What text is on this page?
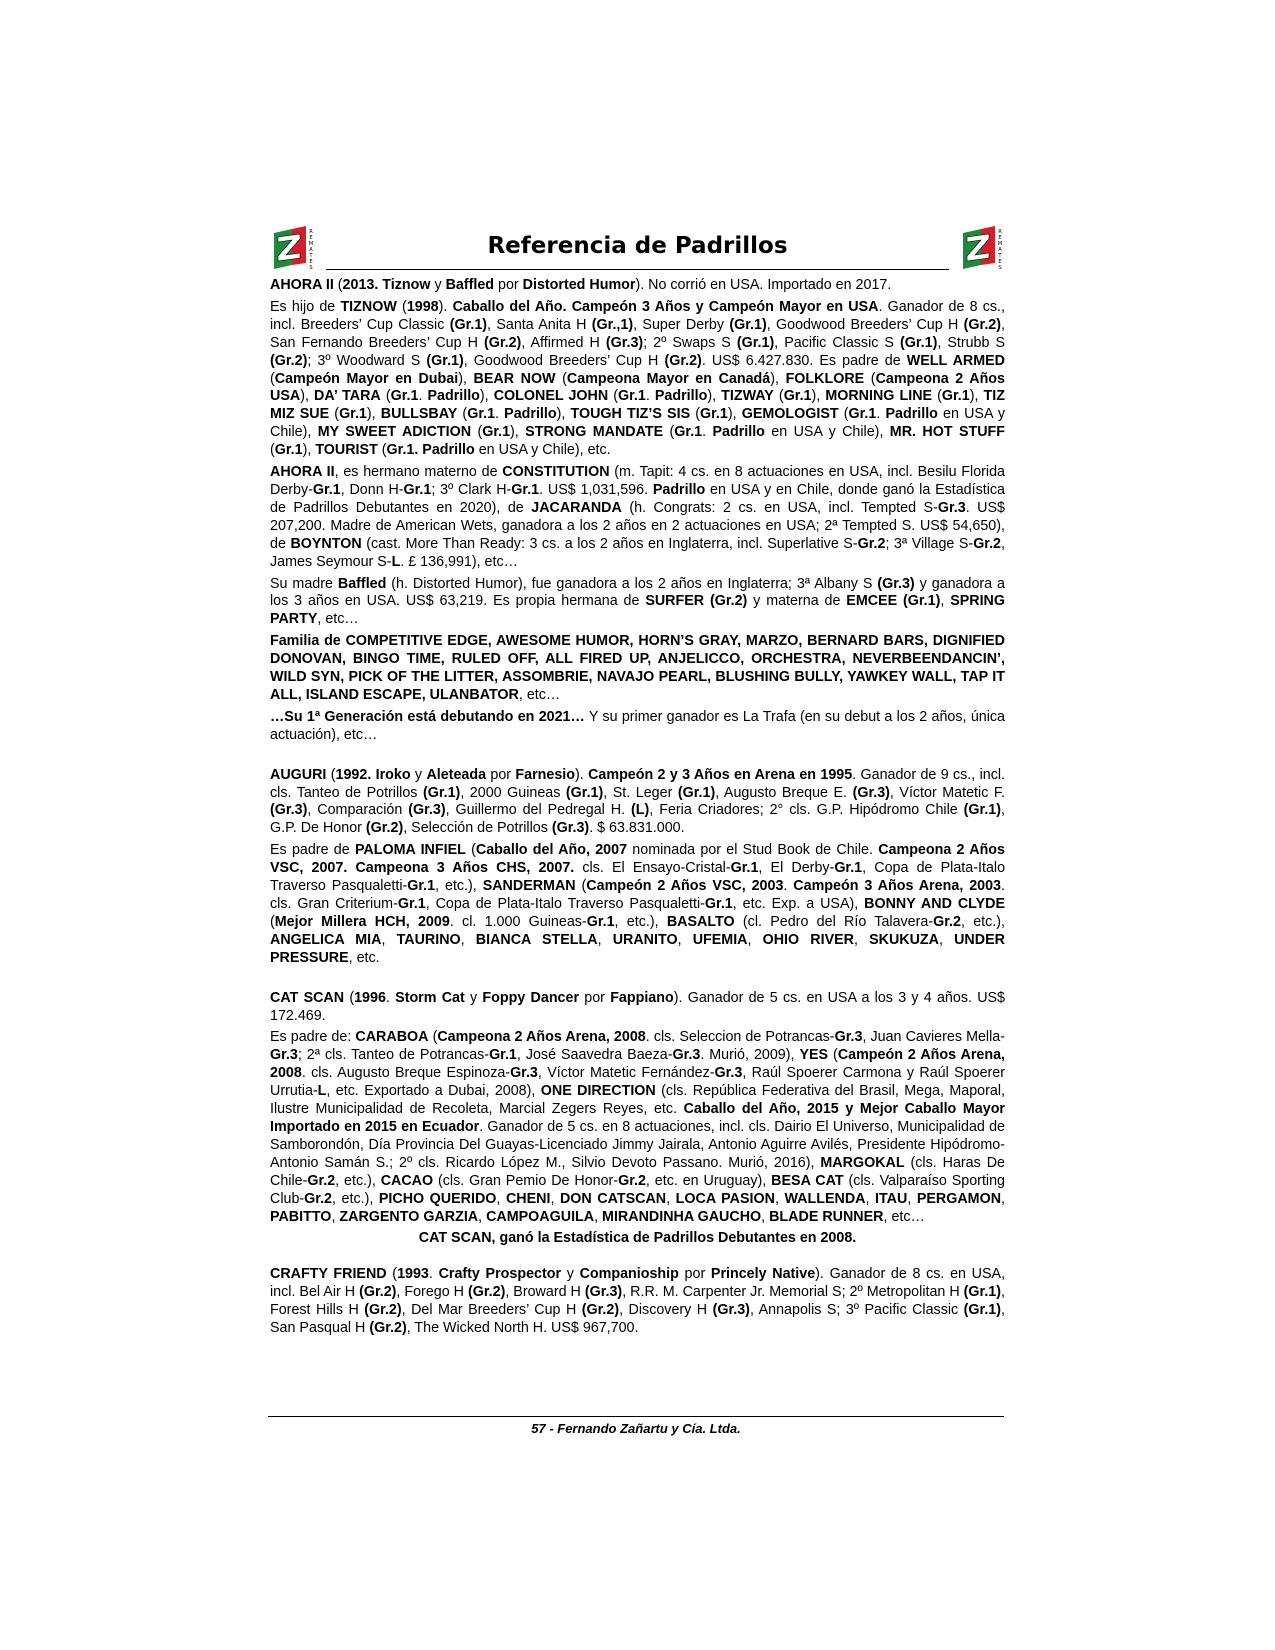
R
E
M
A
T
E
S
Referencia de Padrillos
R
E
M
A
T
E
S

AHORA II (2013. Tiznow y Baffled por Distorted Humor). No corrió en USA. Importado en 2017.

Es hijo de TIZNOW (1998). Caballo del Año. Campeón 3 Años y Campeón Mayor en USA. Ganador de 8 cs., incl. Breeders’ Cup Classic (Gr.1), Santa Anita H (Gr.,1), Super Derby (Gr.1), Goodwood Breeders’ Cup H (Gr.2), San Fernando Breeders’ Cup H (Gr.2), Affirmed H (Gr.3); 2º Swaps S (Gr.1), Pacific Classic S (Gr.1), Strubb S (Gr.2); 3º Woodward S (Gr.1), Goodwood Breeders’ Cup H (Gr.2). US$ 6.427.830. Es padre de WELL ARMED (Campeón Mayor en Dubai), BEAR NOW (Campeona Mayor en Canadá), FOLKLORE (Campeona 2 Años USA), DA’ TARA (Gr.1. Padrillo), COLONEL JOHN (Gr.1. Padrillo), TIZWAY (Gr.1), MORNING LINE (Gr.1), TIZ MIZ SUE (Gr.1), BULLSBAY (Gr.1. Padrillo), TOUGH TIZ’S SIS (Gr.1), GEMOLOGIST (Gr.1. Padrillo en USA y Chile), MY SWEET ADICTION (Gr.1), STRONG MANDATE (Gr.1. Padrillo en USA y Chile), MR. HOT STUFF (Gr.1), TOURIST (Gr.1. Padrillo en USA y Chile), etc.

AHORA II, es hermano materno de CONSTITUTION (m. Tapit: 4 cs. en 8 actuaciones en USA, incl. Besilu Florida Derby-Gr.1, Donn H-Gr.1; 3º Clark H-Gr.1. US$ 1,031,596. Padrillo en USA y en Chile, donde ganó la Estadística de Padrillos Debutantes en 2020), de JACARANDA (h. Congrats: 2 cs. en USA, incl. Tempted S-Gr.3. US$ 207,200. Madre de American Wets, ganadora a los 2 años en 2 actuaciones en USA; 2ª Tempted S. US$ 54,650), de BOYNTON (cast. More Than Ready: 3 cs. a los 2 años en Inglaterra, incl. Superlative S-Gr.2; 3ª Village S-Gr.2, James Seymour S-L. £ 136,991), etc…

Su madre Baffled (h. Distorted Humor), fue ganadora a los 2 años en Inglaterra; 3ª Albany S (Gr.3) y ganadora a los 3 años en USA. US$ 63,219. Es propia hermana de SURFER (Gr.2) y materna de EMCEE (Gr.1), SPRING PARTY, etc…

Familia de COMPETITIVE EDGE, AWESOME HUMOR, HORN’S GRAY, MARZO, BERNARD BARS, DIGNIFIED DONOVAN, BINGO TIME, RULED OFF, ALL FIRED UP, ANJELICCO, ORCHESTRA, NEVERBEENDANCIN’, WILD SYN, PICK OF THE LITTER, ASSOMBRIE, NAVAJO PEARL, BLUSHING BULLY, YAWKEY WALL, TAP IT ALL, ISLAND ESCAPE, ULANBATOR, etc…

…Su 1ª Generación está debutando en 2021… Y su primer ganador es La Trafa (en su debut a los 2 años, única actuación), etc…

AUGURI (1992. Iroko y Aleteada por Farnesio). Campeón 2 y 3 Años en Arena en 1995. Ganador de 9 cs., incl. cls. Tanteo de Potrillos (Gr.1), 2000 Guineas (Gr.1), St. Leger (Gr.1), Augusto Breque E. (Gr.3), Víctor Matetic F. (Gr.3), Comparación (Gr.3), Guillermo del Pedregal H. (L), Feria Criadores; 2° cls. G.P. Hipódromo Chile (Gr.1), G.P. De Honor (Gr.2), Selección de Potrillos (Gr.3). $ 63.831.000.

Es padre de PALOMA INFIEL (Caballo del Año, 2007 nominada por el Stud Book de Chile. Campeona 2 Años VSC, 2007. Campeona 3 Años CHS, 2007. cls. El Ensayo-Cristal-Gr.1, El Derby-Gr.1, Copa de Plata-Italo Traverso Pasqualetti-Gr.1, etc.), SANDERMAN (Campeón 2 Años VSC, 2003. Campeón 3 Años Arena, 2003. cls. Gran Criterium-Gr.1, Copa de Plata-Italo Traverso Pasqualetti-Gr.1, etc. Exp. a USA), BONNY AND CLYDE (Mejor Millera HCH, 2009. cl. 1.000 Guineas-Gr.1, etc.), BASALTO (cl. Pedro del Río Talavera-Gr.2, etc.), ANGELICA MIA, TAURINO, BIANCA STELLA, URANITO, UFEMIA, OHIO RIVER, SKUKUZA, UNDER PRESSURE, etc.

CAT SCAN (1996. Storm Cat y Foppy Dancer por Fappiano). Ganador de 5 cs. en USA a los 3 y 4 años. US$ 172.469.

Es padre de: CARABOA (Campeona 2 Años Arena, 2008. cls. Seleccion de Potrancas-Gr.3, Juan Cavieres Mella-Gr.3; 2ª cls. Tanteo de Potrancas-Gr.1, José Saavedra Baeza-Gr.3. Murió, 2009), YES (Campeón 2 Años Arena, 2008. cls. Augusto Breque Espinoza-Gr.3, Víctor Matetic Fernández-Gr.3, Raúl Spoerer Carmona y Raúl Spoerer Urrutia-L, etc. Exportado a Dubai, 2008), ONE DIRECTION (cls. República Federativa del Brasil, Mega, Maporal, Ilustre Municipalidad de Recoleta, Marcial Zegers Reyes, etc. Caballo del Año, 2015 y Mejor Caballo Mayor Importado en 2015 en Ecuador. Ganador de 5 cs. en 8 actuaciones, incl. cls. Dairio El Universo, Municipalidad de Samborondón, Día Provincia Del Guayas-Licenciado Jimmy Jairala, Antonio Aguirre Avilés, Presidente Hipódromo-Antonio Samán S.; 2º cls. Ricardo López M., Silvio Devoto Passano. Murió, 2016), MARGOKAL (cls. Haras De Chile-Gr.2, etc.), CACAO (cls. Gran Pemio De Honor-Gr.2, etc. en Uruguay), BESA CAT (cls. Valparaíso Sporting Club-Gr.2, etc.), PICHO QUERIDO, CHENI, DON CATSCAN, LOCA PASION, WALLENDA, ITAU, PERGAMON, PABITTO, ZARGENTO GARZIA, CAMPOAGUILA, MIRANDINHA GAUCHO, BLADE RUNNER, etc…

CAT SCAN, ganó la Estadística de Padrillos Debutantes en 2008.

CRAFTY FRIEND (1993. Crafty Prospector y Companioship por Princely Native). Ganador de 8 cs. en USA, incl. Bel Air H (Gr.2), Forego H (Gr.2), Broward H (Gr.3), R.R. M. Carpenter Jr. Memorial S; 2º Metropolitan H (Gr.1), Forest Hills H (Gr.2), Del Mar Breeders’ Cup H (Gr.2), Discovery H (Gr.3), Annapolis S; 3º Pacific Classic (Gr.1), San Pasqual H (Gr.2), The Wicked North H. US$ 967,700.

57 - Fernando Zañartu y Cía. Ltda.
